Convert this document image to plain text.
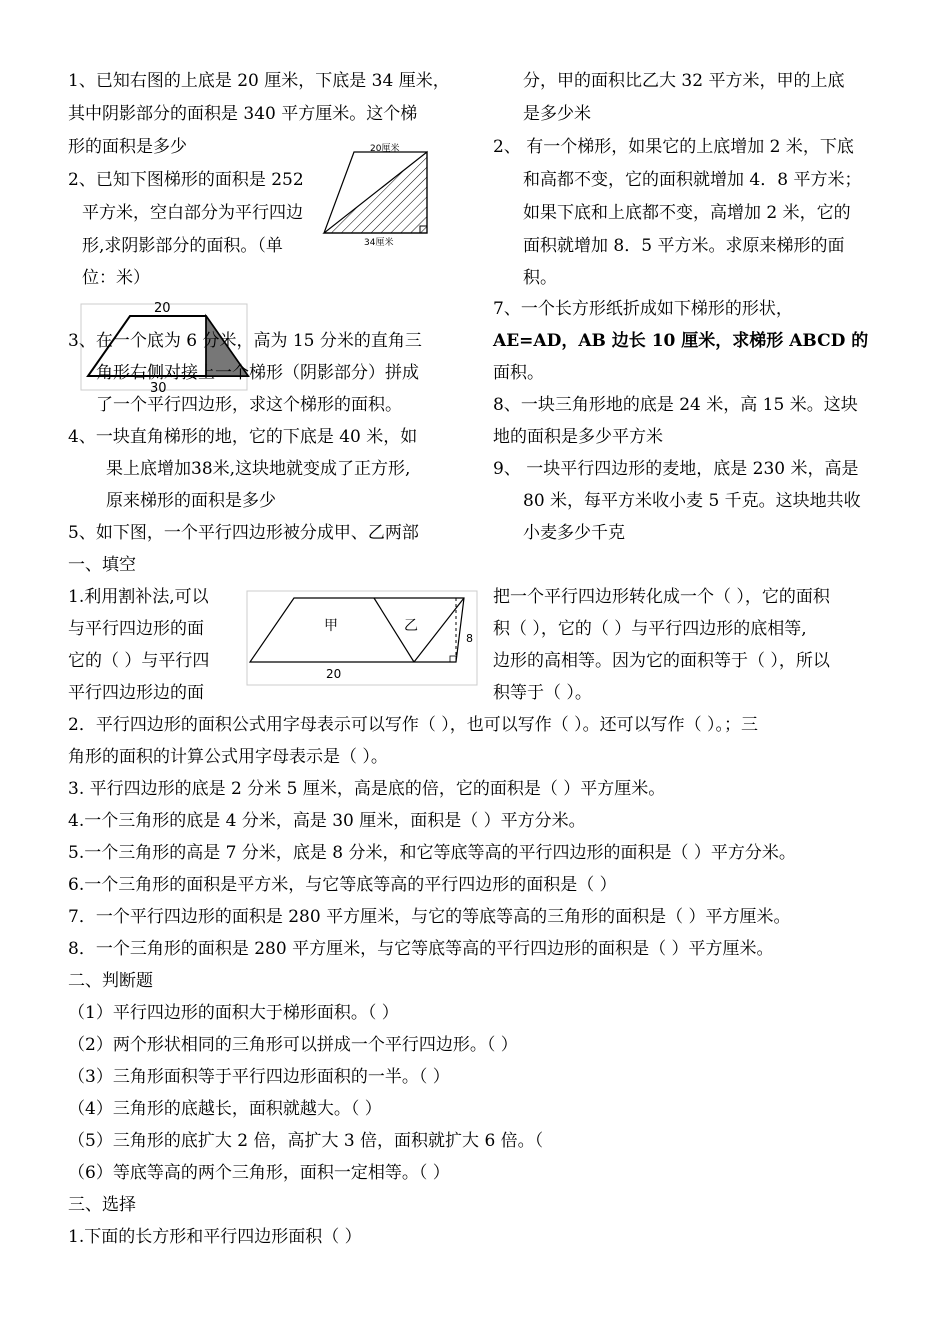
1、已知右图的上底是 20 厘米，下底是 34 厘米，
其中阴影部分的面积是 340 平方厘米。这个梯
形的面积是多少
2、已知下图梯形的面积是 252
平方米，空白部分为平行四边
形,求阴影部分的面积。（单
位：米）
20厘米
34厘米
20
30
3、在一个底为 6 分米，高为 15 分米的直角三
角形右侧对接上一个梯形（阴影部分）拼成
了一个平行四边形，求这个梯形的面积。
4、一块直角梯形的地，它的下底是 40 米，如
果上底增加38米,这块地就变成了正方形,
原来梯形的面积是多少
5、如下图，一个平行四边形被分成甲、乙两部
分，甲的面积比乙大 32 平方米，甲的上底
是多少米
2、 有一个梯形，如果它的上底增加 2 米，下底
和高都不变，它的面积就增加 4．8 平方米；
如果下底和上底都不变，高增加 2 米，它的
面积就增加 8．5 平方米。求原来梯形的面
积。
7、一个长方形纸折成如下梯形的形状，
AE=AD，AB 边长 10 厘米，求梯形 ABCD 的
面积。
8、一块三角形地的底是 24 米，高 15 米。这块
地的面积是多少平方米
9、 一块平行四边形的麦地，底是 230 米，高是
80 米，每平方米收小麦 5 千克。这块地共收
小麦多少千克
一、填空
1.利用割补法,可以
与平行四边形的面
它的（ ）与平行四
平行四边形边的面
甲	乙
8
20
把一个平行四边形转化成一个（ ），它的面积
积（ ），它的（ ）与平行四边形的底相等,
边形的高相等。因为它的面积等于（ ），所以
积等于（ ）。
2．平行四边形的面积公式用字母表示可以写作（ ），也可以写作（ ）。还可以写作（ ）。；三
角形的面积的计算公式用字母表示是（ ）。
3. 平行四边形的底是 2 分米 5 厘米，高是底的倍，它的面积是（ ）平方厘米。
4.一个三角形的底是 4 分米，高是 30 厘米，面积是（ ）平方分米。
5.一个三角形的高是 7 分米，底是 8 分米，和它等底等高的平行四边形的面积是（ ）平方分米。
6.一个三角形的面积是平方米，与它等底等高的平行四边形的面积是（ ）
7．一个平行四边形的面积是 280 平方厘米，与它的等底等高的三角形的面积是（ ）平方厘米。
8．一个三角形的面积是 280 平方厘米，与它等底等高的平行四边形的面积是（ ）平方厘米。
二、判断题
（1）平行四边形的面积大于梯形面积。（ ）
（2）两个形状相同的三角形可以拼成一个平行四边形。（ ）
（3）三角形面积等于平行四边形面积的一半。（ ）
（4）三角形的底越长，面积就越大。（ ）
（5）三角形的底扩大 2 倍，高扩大 3 倍，面积就扩大 6 倍。（
（6）等底等高的两个三角形，面积一定相等。（ ）
三、选择
1.下面的长方形和平行四边形面积（ ）
